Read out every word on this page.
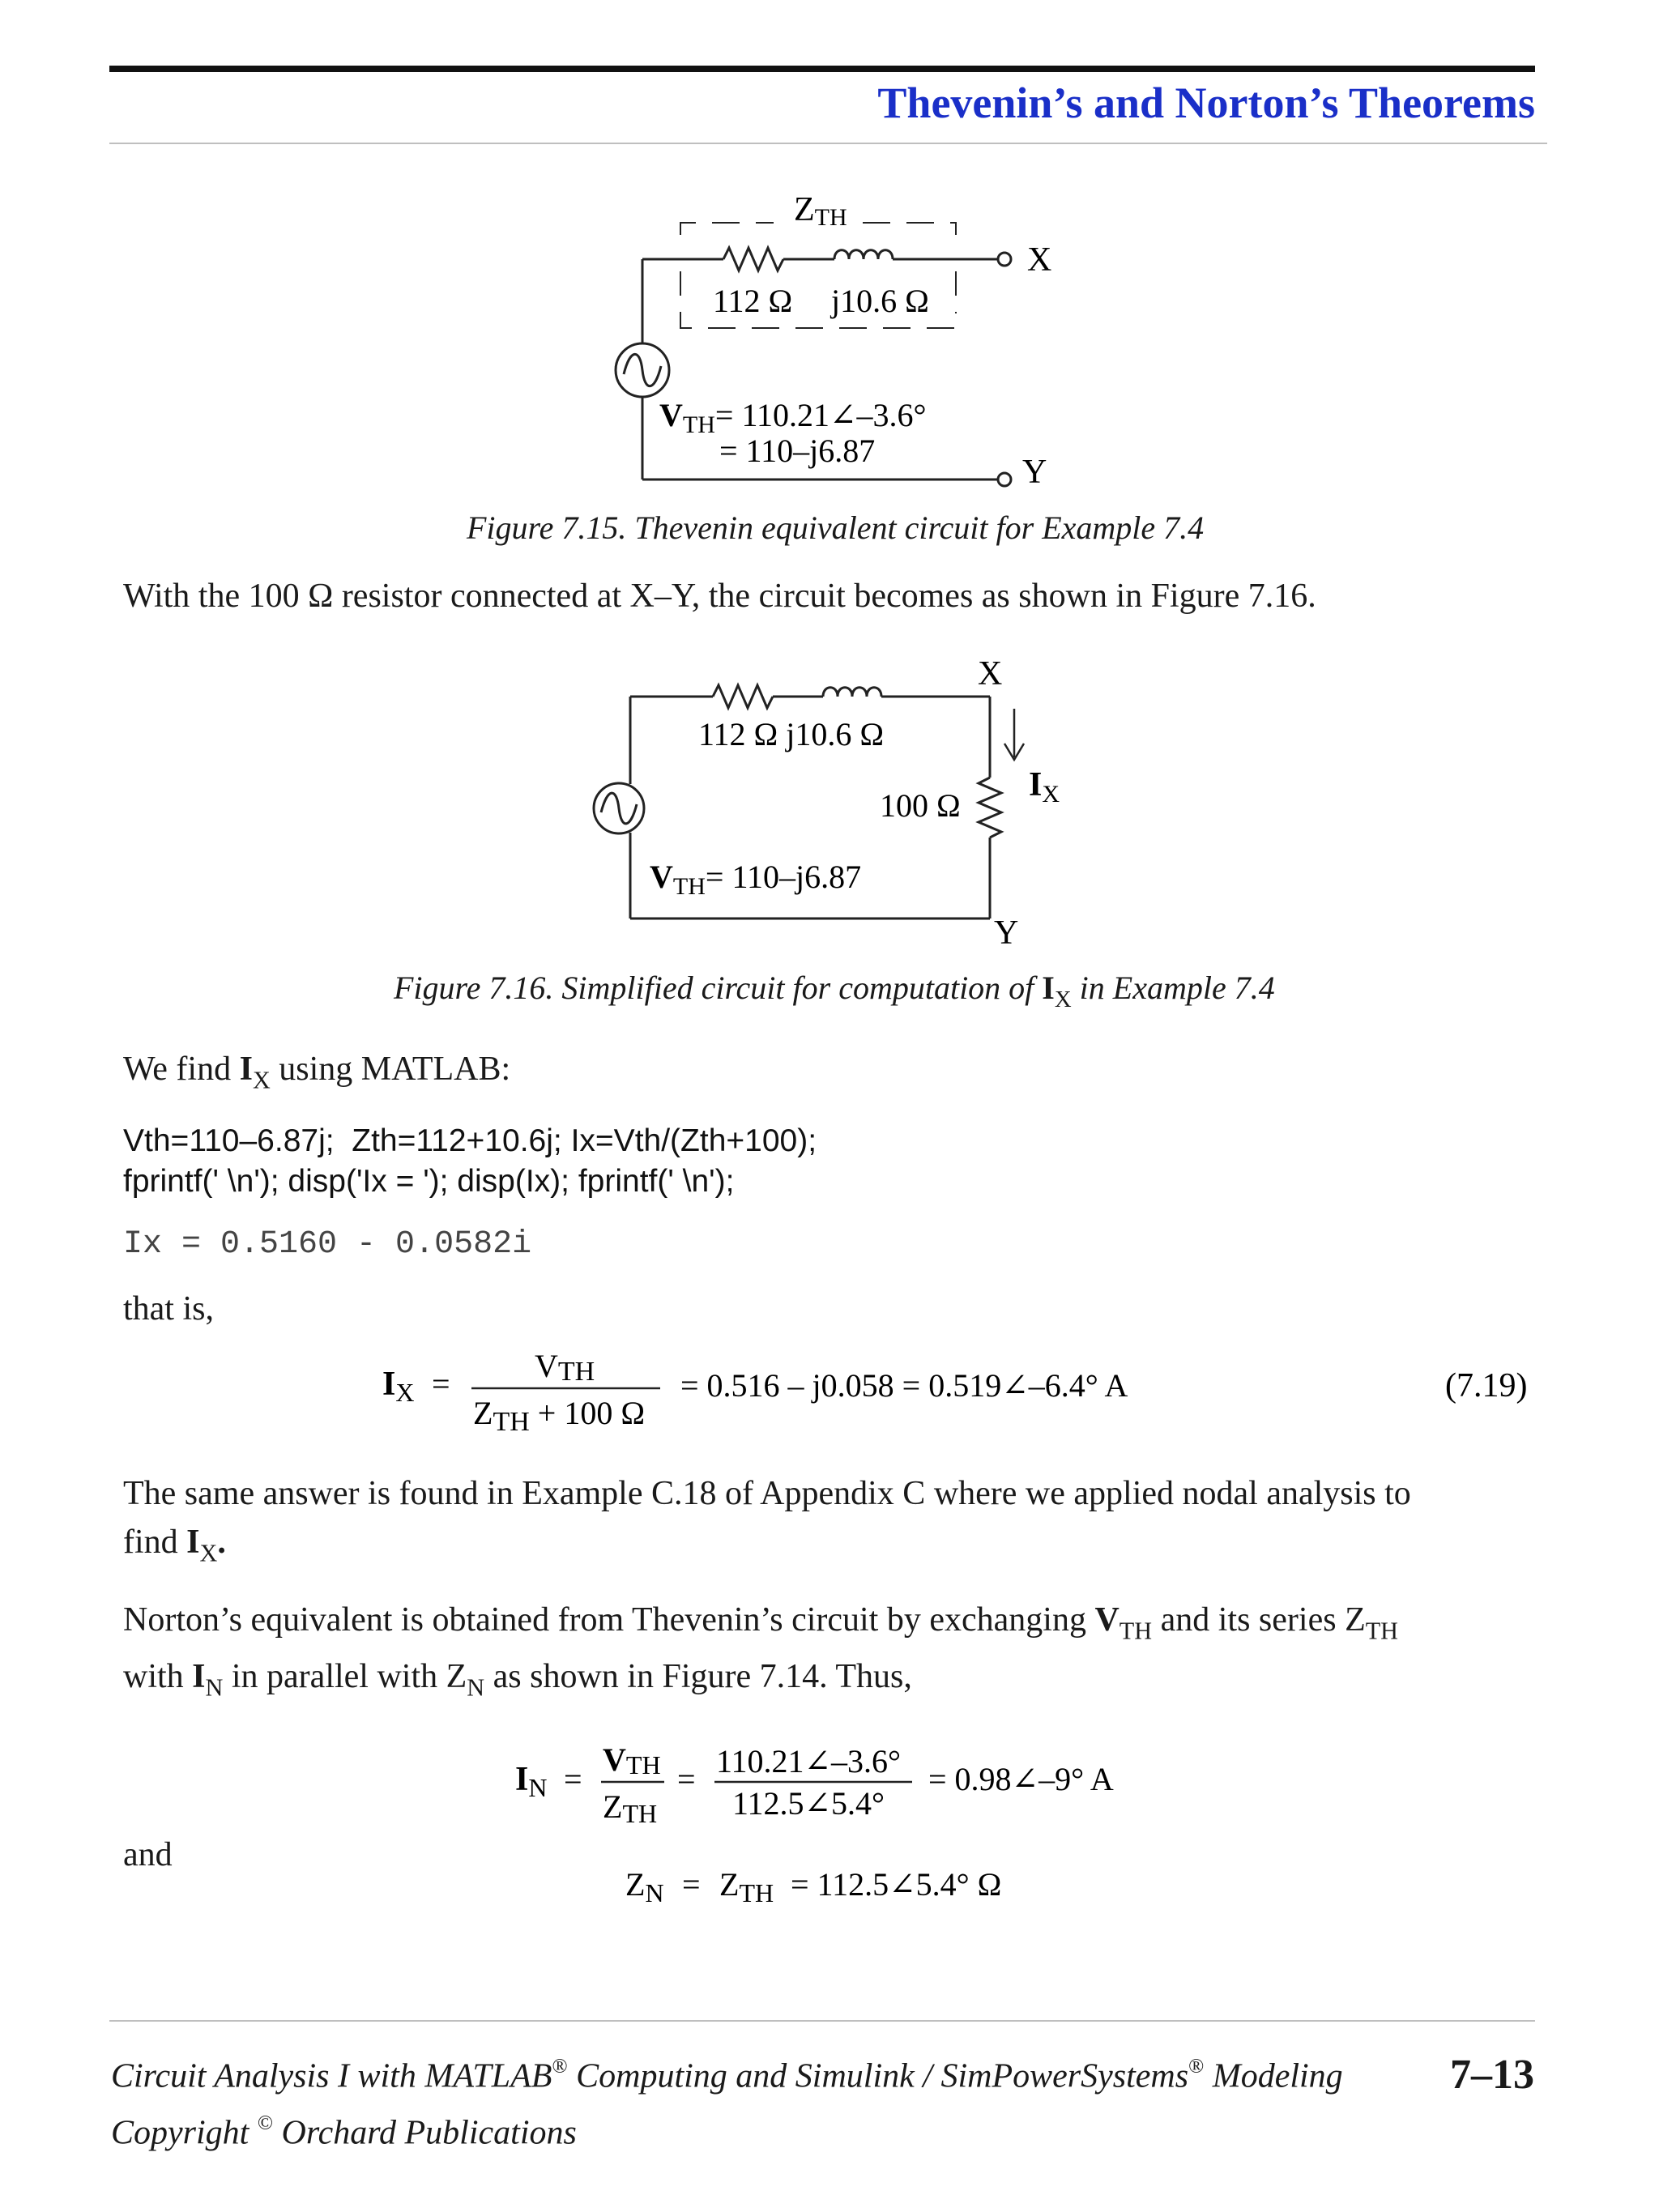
Thevenin’s and Norton’s Theorems
ZTH
X
Y
112 Ω j10.6 Ω
$V_{TH}=$ 110.21∠–3.6°
= 110–j6.87
Figure 7.15. Thevenin equivalent circuit for Example 7.4
With the 100 Ω resistor connected at X–Y, the circuit becomes as shown in Figure 7.16.
X
Y
112 Ω j10.6 Ω
100 Ω
IX
$V_{TH}= 110-j6.87$
Figure 7.16. Simplified circuit for computation of $I_X$ in Example 7.4
We find $I_X$ using MATLAB:
Vth=110–6.87j;  Zth=112+10.6j; Ix=Vth/(Zth+100);
fprintf(' \n'); disp('Ix = '); disp(Ix); fprintf(' \n');
Ix = 0.5160 - 0.0582i
that is,
IX =	VTH
$Z_{TH} + 100$ Ω
= 0.516 – j0.058 = 0.519∠–6.4° A	(7.19)
The same answer is found in Example C.18 of Appendix C where we applied nodal analysis to
find $I_X$.
Norton’s equivalent is obtained from Thevenin’s circuit by exchanging $V_{TH}$ and its series $Z_{TH}$
with $I_N$ in parallel with $Z_N$ as shown in Figure 7.14. Thus,
IN =
VTH
ZTH
= 110.21∠–3.6°
112.5∠5.4°
= 0.98∠–9° A
and
$Z_N = Z_{TH}$ = 112.5∠5.4° Ω
Circuit Analysis I with MATLAB® Computing and Simulink / SimPowerSystems® Modeling	7–13
Copyright © Orchard Publications
